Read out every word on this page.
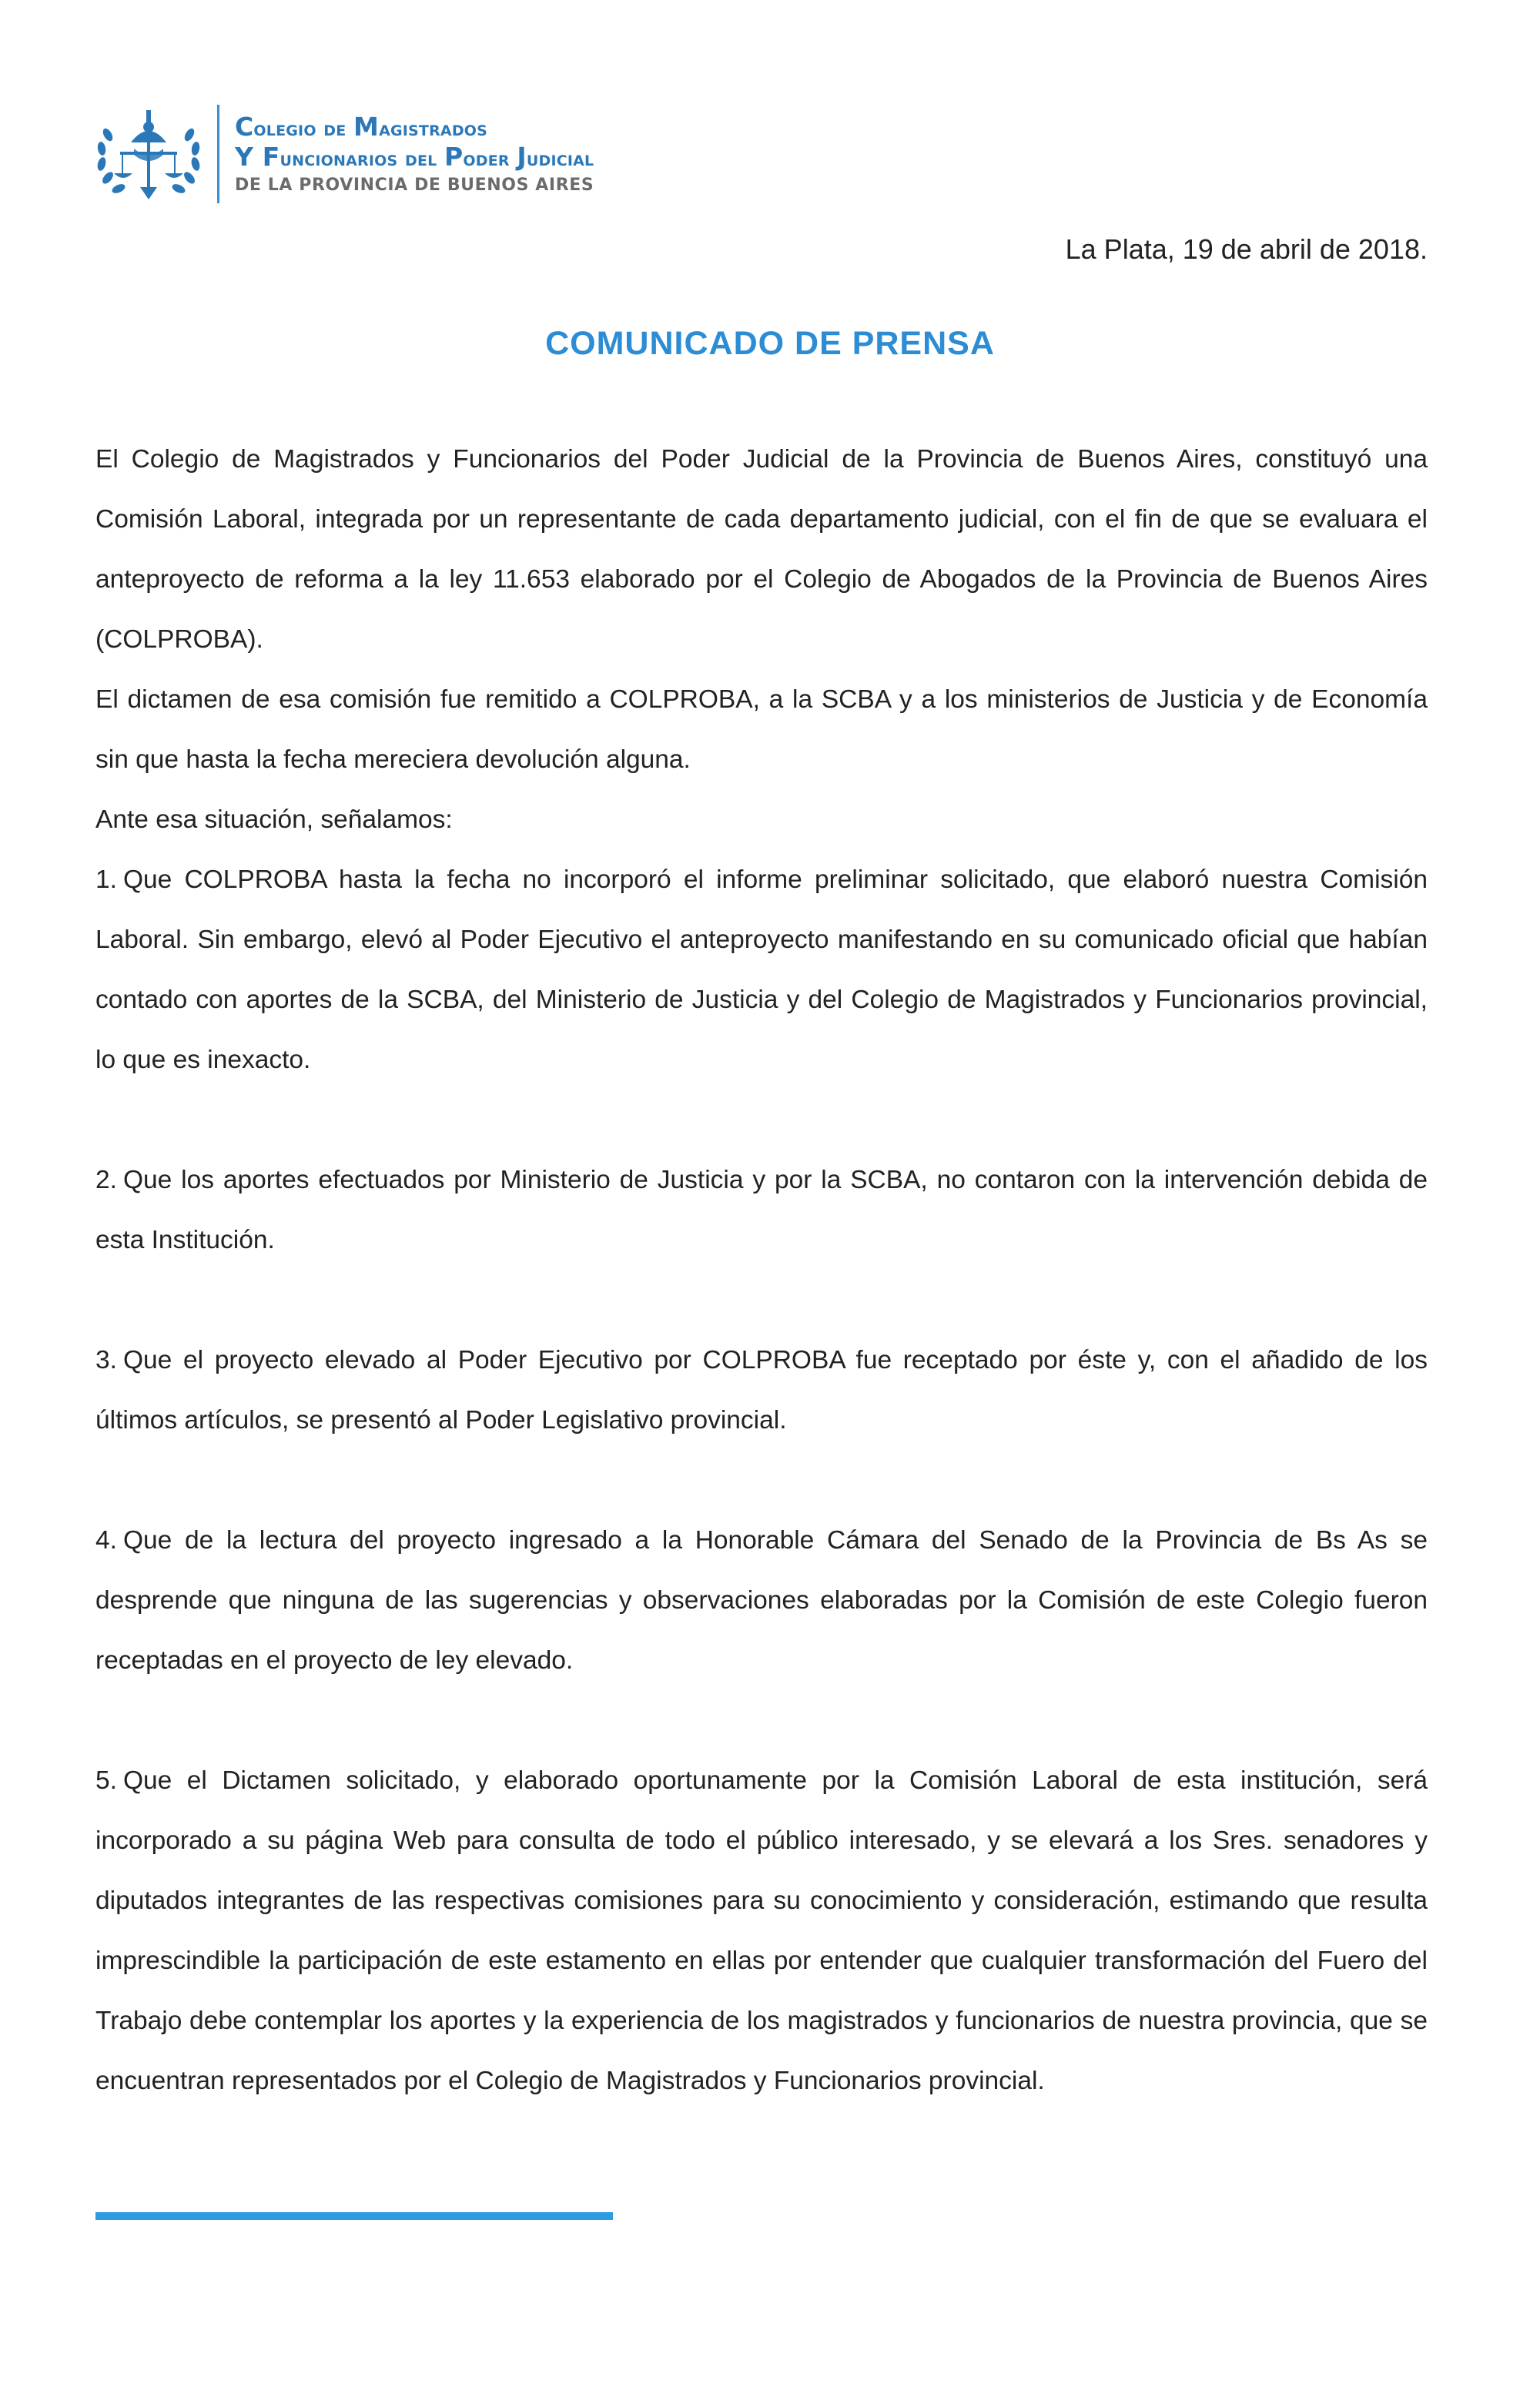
Colegio de Magistrados
Y Funcionarios del Poder Judicial
DE LA PROVINCIA DE BUENOS AIRES
La Plata, 19 de abril de 2018.
COMUNICADO DE PRENSA

El Colegio de Magistrados y Funcionarios del Poder Judicial de la Provincia de Buenos Aires, constituyó una Comisión Laboral, integrada por un representante de cada departamento judicial, con el fin de que se evaluara el anteproyecto de reforma a la ley 11.653 elaborado por el Colegio de Abogados de la Provincia de Buenos Aires (COLPROBA).

El dictamen de esa comisión fue remitido a COLPROBA, a la SCBA y a los ministerios de Justicia y de Economía sin que hasta la fecha mereciera devolución alguna.

Ante esa situación, señalamos:

1. Que COLPROBA hasta la fecha no incorporó el informe preliminar solicitado, que elaboró nuestra Comisión Laboral. Sin embargo, elevó al Poder Ejecutivo el anteproyecto manifestando en su comunicado oficial que habían contado con aportes de la SCBA, del Ministerio de Justicia y del Colegio de Magistrados y Funcionarios provincial, lo que es inexacto.

2. Que los aportes efectuados por Ministerio de Justicia y por la SCBA, no contaron con la intervención debida de esta Institución.

3. Que el proyecto elevado al Poder Ejecutivo por COLPROBA fue receptado por éste y, con el añadido de los últimos artículos, se presentó al Poder Legislativo provincial.

4. Que de la lectura del proyecto ingresado a la Honorable Cámara del Senado de la Provincia de Bs As se desprende que ninguna de las sugerencias y observaciones elaboradas por la Comisión de este Colegio fueron receptadas en el proyecto de ley elevado.

5. Que el Dictamen solicitado, y elaborado oportunamente por la Comisión Laboral de esta institución, será incorporado a su página Web para consulta de todo el público interesado, y se elevará a los Sres. senadores y diputados integrantes de las respectivas comisiones para su conocimiento y consideración, estimando que resulta imprescindible la participación de este estamento en ellas por entender que cualquier transformación del Fuero del Trabajo debe contemplar los aportes y la experiencia de los magistrados y funcionarios de nuestra provincia, que se encuentran representados por el Colegio de Magistrados y Funcionarios provincial.
